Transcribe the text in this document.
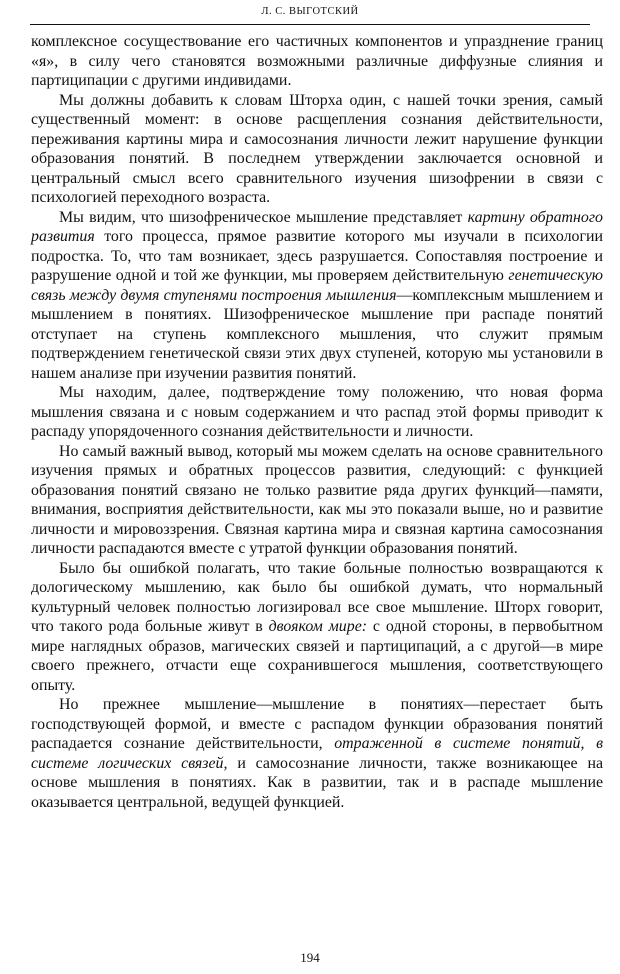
Л. С. ВЫГОТСКИЙ

комплексное сосуществование его частичных компонентов и упразднение границ «я», в силу чего становятся возможными различные диффузные слияния и партиципации с другими индивидами.

Мы должны добавить к словам Шторха один, с нашей точки зрения, самый существенный момент: в основе расщепления сознания действительности, переживания картины мира и самосознания личности лежит нарушение функции образования понятий. В последнем утверждении заключается основной и центральный смысл всего сравнительного изучения шизофрении в связи с психологией переходного возраста.

Мы видим, что шизофреническое мышление представляет картину обратного развития того процесса, прямое развитие которого мы изучали в психологии подростка. То, что там возникает, здесь разрушается. Сопоставляя построение и разрушение одной и той же функции, мы проверяем действительную генетическую связь между двумя ступенями построения мышления—комплексным мышлением и мышлением в понятиях. Шизофреническое мышление при распаде понятий отступает на ступень комплексного мышления, что служит прямым подтверждением генетической связи этих двух ступеней, которую мы установили в нашем анализе при изучении развития понятий.

Мы находим, далее, подтверждение тому положению, что новая форма мышления связана и с новым содержанием и что распад этой формы приводит к распаду упорядоченного сознания действительности и личности.

Но самый важный вывод, который мы можем сделать на основе сравнительного изучения прямых и обратных процессов развития, следующий: с функцией образования понятий связано не только развитие ряда других функций—памяти, внимания, восприятия действительности, как мы это показали выше, но и развитие личности и мировоззрения. Связная картина мира и связная картина самосознания личности распадаются вместе с утратой функции образования понятий.

Было бы ошибкой полагать, что такие больные полностью возвращаются к дологическому мышлению, как было бы ошибкой думать, что нормальный культурный человек полностью логизировал все свое мышление. Шторх говорит, что такого рода больные живут в двояком мире: с одной стороны, в первобытном мире наглядных образов, магических связей и партиципаций, а с другой—в мире своего прежнего, отчасти еще сохранившегося мышления, соответствующего опыту.

Но прежнее мышление—мышление в понятиях—перестает быть господствующей формой, и вместе с распадом функции образования понятий распадается сознание действительности, отраженной в системе понятий, в системе логических связей, и самосознание личности, также возникающее на основе мышления в понятиях. Как в развитии, так и в распаде мышление оказывается центральной, ведущей функцией.

194
